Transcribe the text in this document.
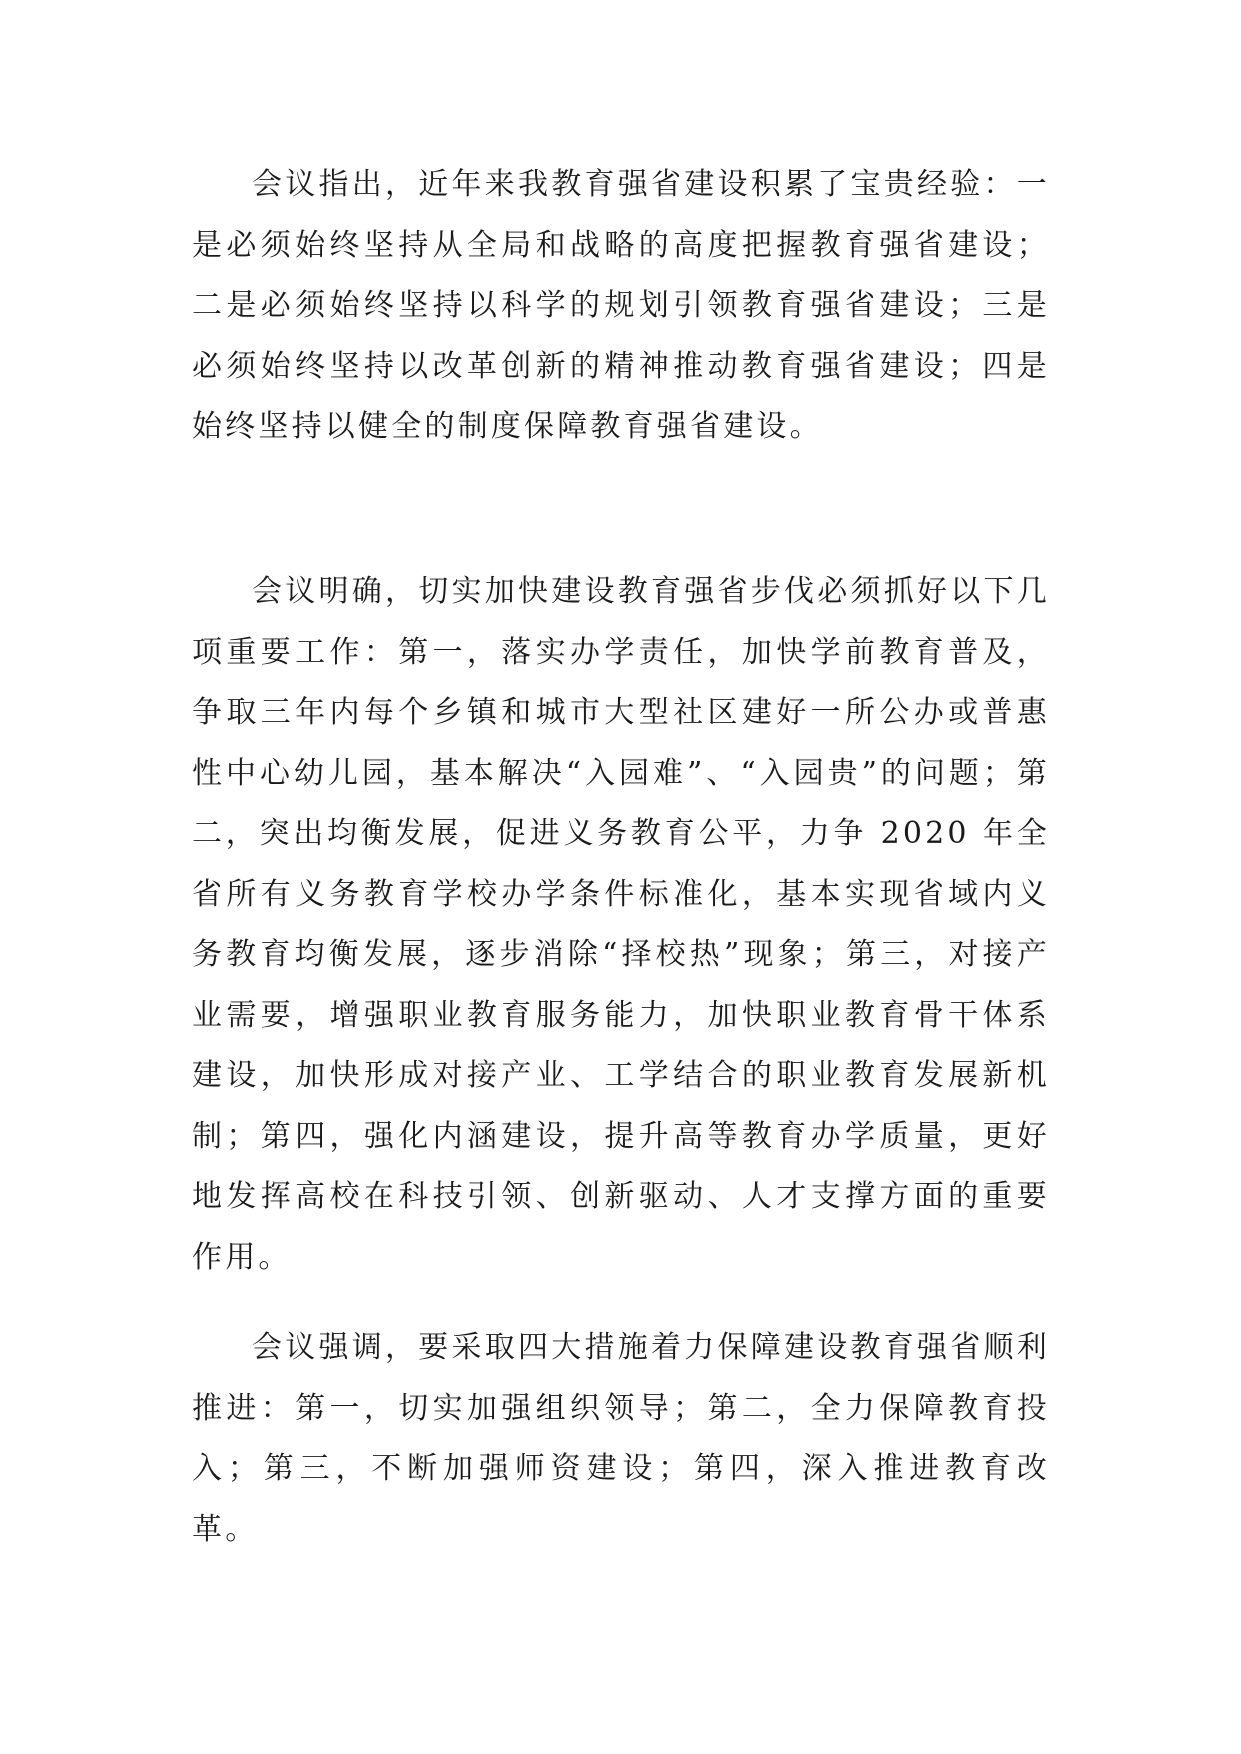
会议指出，近年来我教育强省建设积累了宝贵经验：一是必须始终坚持从全局和战略的高度把握教育强省建设；二是必须始终坚持以科学的规划引领教育强省建设；三是必须始终坚持以改革创新的精神推动教育强省建设；四是始终坚持以健全的制度保障教育强省建设。

会议明确，切实加快建设教育强省步伐必须抓好以下几项重要工作：第一，落实办学责任，加快学前教育普及，争取三年内每个乡镇和城市大型社区建好一所公办或普惠性中心幼儿园，基本解决“入园难”、“入园贵”的问题；第二，突出均衡发展，促进义务教育公平，力争 2020 年全省所有义务教育学校办学条件标准化，基本实现省域内义务教育均衡发展，逐步消除“择校热”现象；第三，对接产业需要，增强职业教育服务能力，加快职业教育骨干体系建设，加快形成对接产业、工学结合的职业教育发展新机制；第四，强化内涵建设，提升高等教育办学质量，更好地发挥高校在科技引领、创新驱动、人才支撑方面的重要作用。

会议强调，要采取四大措施着力保障建设教育强省顺利推进：第一，切实加强组织领导；第二，全力保障教育投入；第三，不断加强师资建设；第四，深入推进教育改革。
